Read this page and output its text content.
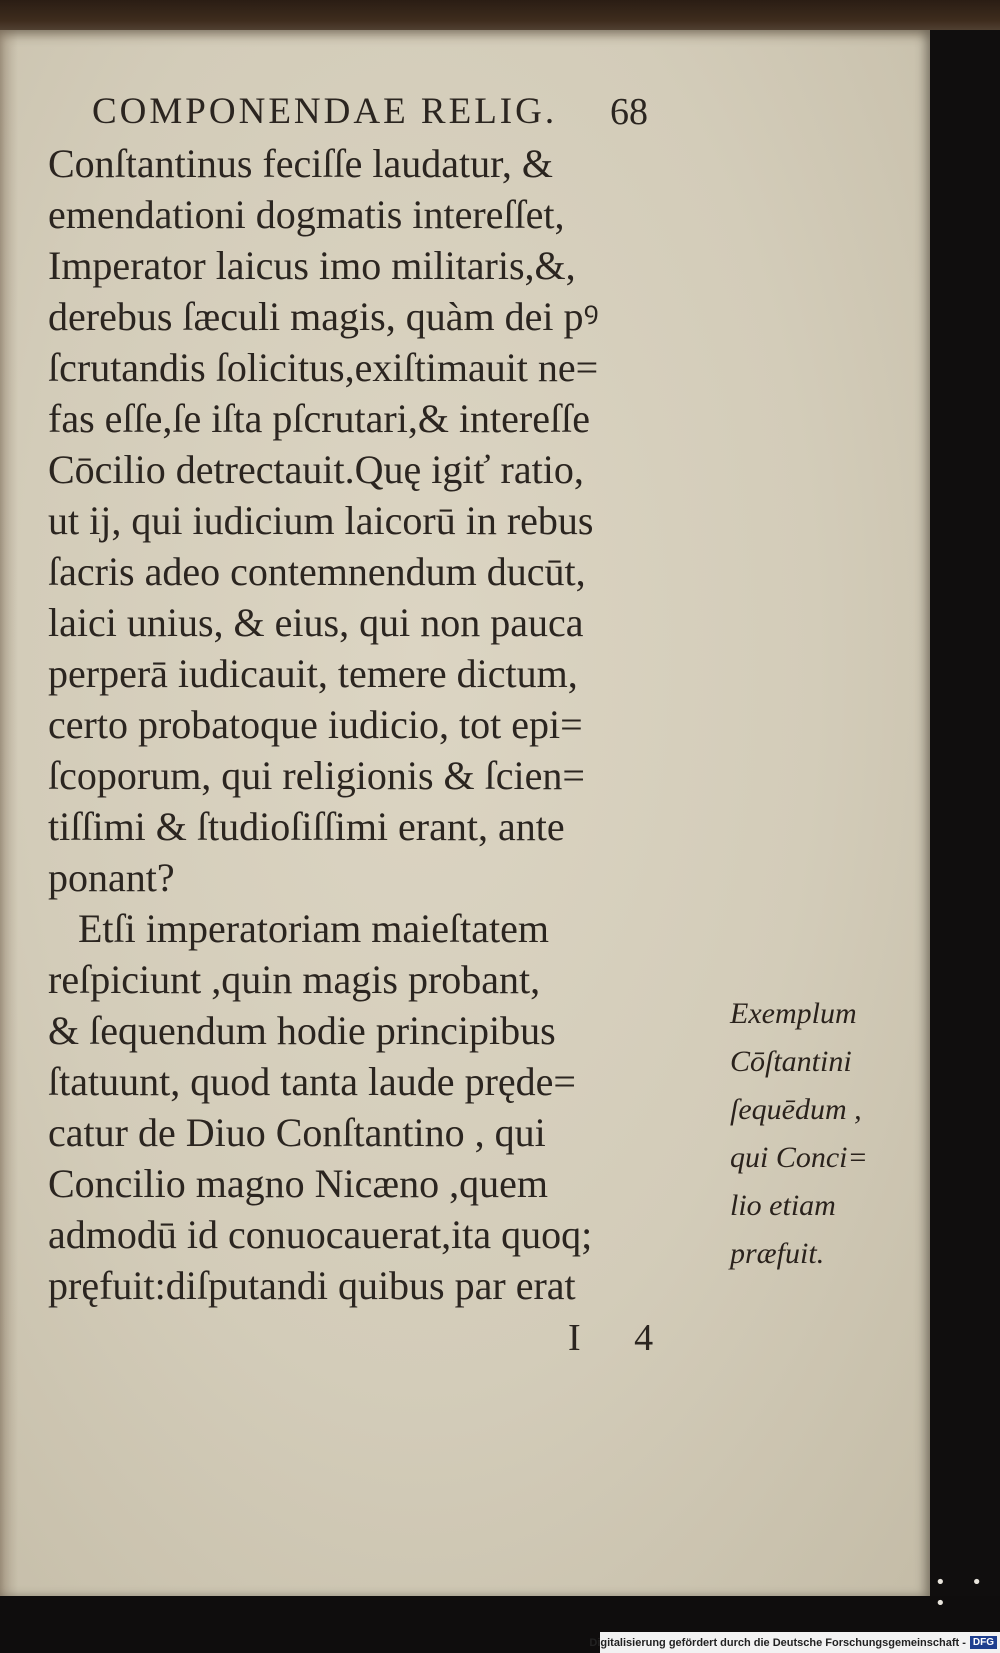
COMPONENDAE RELIG.	68
Conſtantinus feciſſe laudatur, &
emendationi dogmatis intereſſet,
Imperator laicus imo militaris,&,
derebus ſæculi magis, quàm dei pꝰ
ſcrutandis ſolicitus,exiſtimauit ne=
fas eſſe,ſe iſta pſcrutari,& intereſſe
Cōcilio detrectauit.Quę igiť ratio,
ut ij, qui iudicium laicorū in rebus
ſacris adeo contemnendum ducūt,
laici unius, & eius, qui non pauca
perperā iudicauit, temere dictum,
certo probatoque iudicio, tot epi=
ſcoporum, qui religionis & ſcien=
tiſſimi & ſtudioſiſſimi erant, ante
ponant?
Etſi imperatoriam maieſtatem
reſpiciunt ,quin magis probant,
& ſequendum hodie principibus
ſtatuunt, quod tanta laude pręde=
catur de Diuo Conſtantino , qui
Concilio magno Nicæno ,quem
admodū id conuocauerat,ita quoq;
pręfuit:diſputandi quibus par erat
Exemplum
Cōſtantini
ſequēdum ,
qui Conci=
lio etiam
præfuit.
I 4
• • •
Digitalisierung gefördert durch die Deutsche Forschungsgemeinschaft - DFG
